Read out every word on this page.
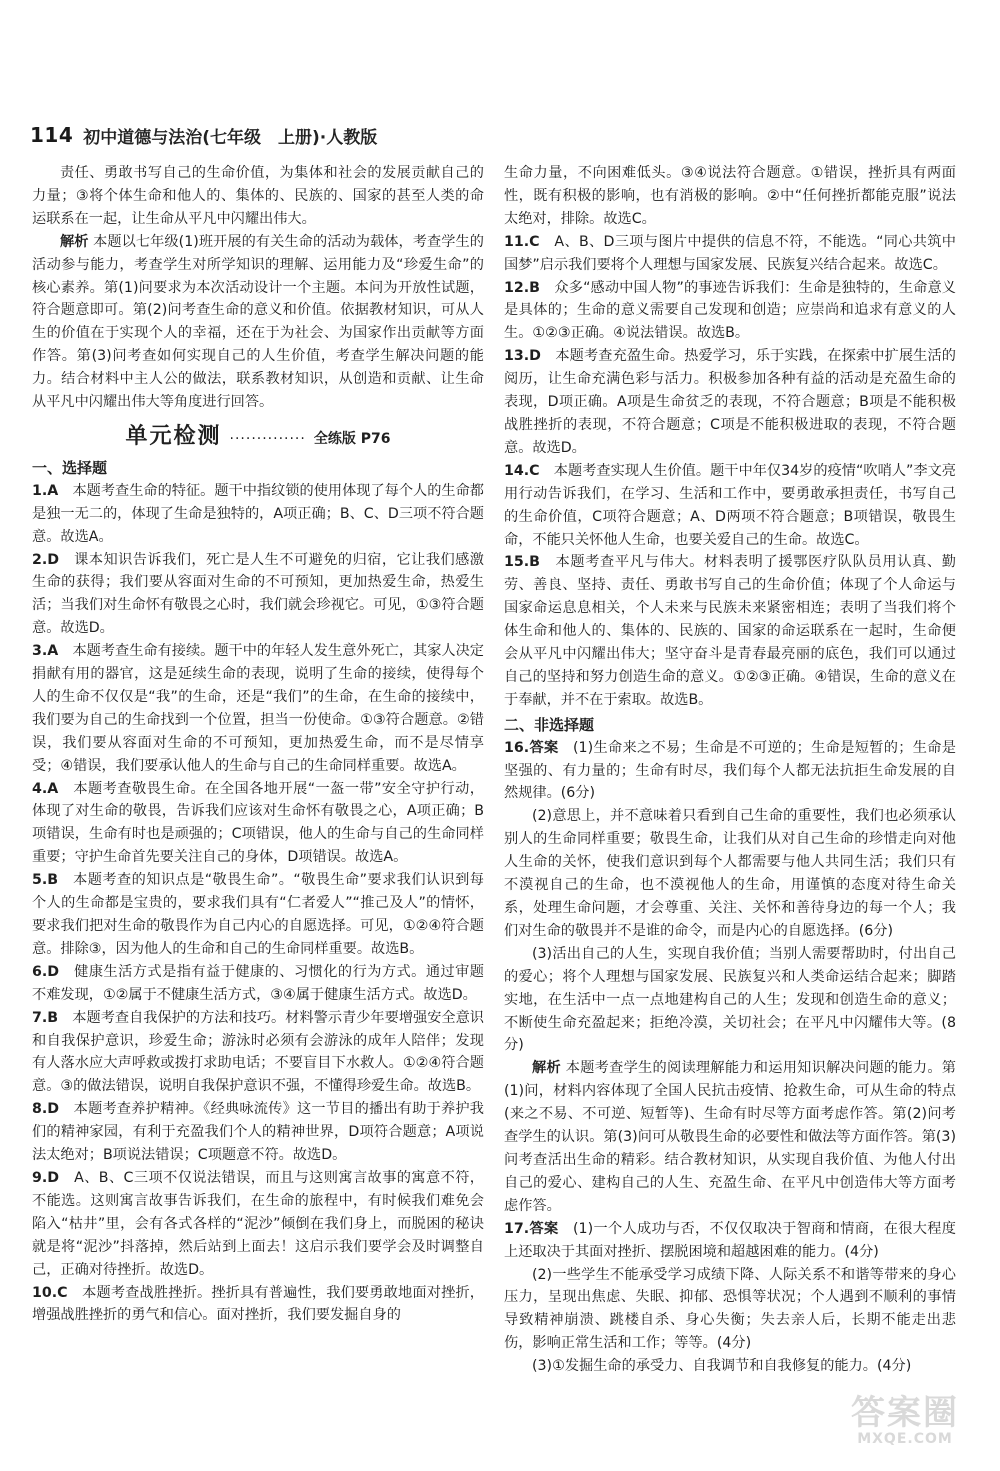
114 初中道德与法治(七年级　上册)·人教版

责任、勇敢书写自己的生命价值，为集体和社会的发展贡献自己的力量；③将个体生命和他人的、集体的、民族的、国家的甚至人类的命运联系在一起，让生命从平凡中闪耀出伟大。

解析 本题以七年级(1)班开展的有关生命的活动为载体，考查学生的活动参与能力，考查学生对所学知识的理解、运用能力及“珍爱生命”的核心素养。第(1)问要求为本次活动设计一个主题。本问为开放性试题，符合题意即可。第(2)问考查生命的意义和价值。依据教材知识，可从人生的价值在于实现个人的幸福，还在于为社会、为国家作出贡献等方面作答。第(3)问考查如何实现自己的人生价值，考查学生解决问题的能力。结合材料中主人公的做法，联系教材知识，从创造和贡献、让生命从平凡中闪耀出伟大等角度进行回答。

单元检测 ·············· 全练版 P76

一、选择题

1.A　 本题考查生命的特征。题干中指纹锁的使用体现了每个人的生命都是独一无二的，体现了生命是独特的，A项正确；B、C、D三项不符合题意。故选A。

2.D　 课本知识告诉我们，死亡是人生不可避免的归宿，它让我们感激生命的获得；我们要从容面对生命的不可预知，更加热爱生命，热爱生活；当我们对生命怀有敬畏之心时，我们就会珍视它。可见，①③符合题意。故选D。

3.A　 本题考查生命有接续。题干中的年轻人发生意外死亡，其家人决定捐献有用的器官，这是延续生命的表现，说明了生命的接续，使得每个人的生命不仅仅是“我”的生命，还是“我们”的生命，在生命的接续中，我们要为自己的生命找到一个位置，担当一份使命。①③符合题意。②错误，我们要从容面对生命的不可预知，更加热爱生命，而不是尽情享受；④错误，我们要承认他人的生命与自己的生命同样重要。故选A。

4.A　 本题考查敬畏生命。在全国各地开展“一盔一带”安全守护行动，体现了对生命的敬畏，告诉我们应该对生命怀有敬畏之心，A项正确；B项错误，生命有时也是顽强的；C项错误，他人的生命与自己的生命同样重要；守护生命首先要关注自己的身体，D项错误。故选A。

5.B　 本题考查的知识点是“敬畏生命”。“敬畏生命”要求我们认识到每个人的生命都是宝贵的，要求我们具有“仁者爱人”“推己及人”的情怀，要求我们把对生命的敬畏作为自己内心的自愿选择。可见，①②④符合题意。排除③，因为他人的生命和自己的生命同样重要。故选B。

6.D　 健康生活方式是指有益于健康的、习惯化的行为方式。通过审题不难发现，①②属于不健康生活方式，③④属于健康生活方式。故选D。

7.B　 本题考查自我保护的方法和技巧。材料警示青少年要增强安全意识和自我保护意识，珍爱生命；游泳时必须有会游泳的成年人陪伴；发现有人落水应大声呼救或拨打求助电话；不要盲目下水救人。①②④符合题意。③的做法错误，说明自我保护意识不强，不懂得珍爱生命。故选B。

8.D　 本题考查养护精神。《经典咏流传》这一节目的播出有助于养护我们的精神家园，有利于充盈我们个人的精神世界，D项符合题意；A项说法太绝对；B项说法错误；C项题意不符。故选D。

9.D　 A、B、C三项不仅说法错误，而且与这则寓言故事的寓意不符，不能选。这则寓言故事告诉我们，在生命的旅程中，有时候我们难免会陷入“枯井”里，会有各式各样的“泥沙”倾倒在我们身上，而脱困的秘诀就是将“泥沙”抖落掉，然后站到上面去！这启示我们要学会及时调整自己，正确对待挫折。故选D。

10.C　 本题考查战胜挫折。挫折具有普遍性，我们要勇敢地面对挫折，增强战胜挫折的勇气和信心。面对挫折，我们要发掘自身的

生命力量，不向困难低头。③④说法符合题意。①错误，挫折具有两面性，既有积极的影响，也有消极的影响。②中“任何挫折都能克服”说法太绝对，排除。故选C。

11.C　 A、B、D三项与图片中提供的信息不符，不能选。“同心共筑中国梦”启示我们要将个人理想与国家发展、民族复兴结合起来。故选C。

12.B　 众多“感动中国人物”的事迹告诉我们：生命是独特的，生命意义是具体的；生命的意义需要自己发现和创造；应崇尚和追求有意义的人生。①②③正确。④说法错误。故选B。

13.D　 本题考查充盈生命。热爱学习，乐于实践，在探索中扩展生活的阅历，让生命充满色彩与活力。积极参加各种有益的活动是充盈生命的表现，D项正确。A项是生命贫乏的表现，不符合题意；B项是不能积极战胜挫折的表现，不符合题意；C项是不能积极进取的表现，不符合题意。故选D。

14.C　 本题考查实现人生价值。题干中年仅34岁的疫情“吹哨人”李文亮用行动告诉我们，在学习、生活和工作中，要勇敢承担责任，书写自己的生命价值，C项符合题意；A、D两项不符合题意；B项错误，敬畏生命，不能只关怀他人生命，也要关爱自己的生命。故选C。

15.B　 本题考查平凡与伟大。材料表明了援鄂医疗队队员用认真、勤劳、善良、坚持、责任、勇敢书写自己的生命价值；体现了个人命运与国家命运息息相关，个人未来与民族未来紧密相连；表明了当我们将个体生命和他人的、集体的、民族的、国家的命运联系在一起时，生命便会从平凡中闪耀出伟大；坚守奋斗是青春最亮丽的底色，我们可以通过自己的坚持和努力创造生命的意义。①②③正确。④错误，生命的意义在于奉献，并不在于索取。故选B。

二、非选择题

16.答案　 (1)生命来之不易；生命是不可逆的；生命是短暂的；生命是坚强的、有力量的；生命有时尽，我们每个人都无法抗拒生命发展的自然规律。(6分)

(2)意思上，并不意味着只看到自己生命的重要性，我们也必须承认别人的生命同样重要；敬畏生命，让我们从对自己生命的珍惜走向对他人生命的关怀，使我们意识到每个人都需要与他人共同生活；我们只有不漠视自己的生命，也不漠视他人的生命，用谨慎的态度对待生命关系，处理生命问题，才会尊重、关注、关怀和善待身边的每一个人；我们对生命的敬畏并不是谁的命令，而是内心的自愿选择。(6分)

(3)活出自己的人生，实现自我价值；当别人需要帮助时，付出自己的爱心；将个人理想与国家发展、民族复兴和人类命运结合起来；脚踏实地，在生活中一点一点地建构自己的人生；发现和创造生命的意义；不断使生命充盈起来；拒绝冷漠，关切社会；在平凡中闪耀伟大等。(8分)

解析 本题考查学生的阅读理解能力和运用知识解决问题的能力。第(1)问，材料内容体现了全国人民抗击疫情、抢救生命，可从生命的特点(来之不易、不可逆、短暂等)、生命有时尽等方面考虑作答。第(2)问考查学生的认识。第(3)问可从敬畏生命的必要性和做法等方面作答。第(3)问考查活出生命的精彩。结合教材知识，从实现自我价值、为他人付出自己的爱心、建构自己的人生、充盈生命、在平凡中创造伟大等方面考虑作答。

17.答案　 (1)一个人成功与否，不仅仅取决于智商和情商，在很大程度上还取决于其面对挫折、摆脱困境和超越困难的能力。(4分)

(2)一些学生不能承受学习成绩下降、人际关系不和谐等带来的身心压力，呈现出焦虑、失眠、抑郁、恐惧等状况；个人遇到不顺利的事情导致精神崩溃、跳楼自杀、身心失衡；失去亲人后，长期不能走出悲伤，影响正常生活和工作；等等。(4分)

(3)①发掘生命的承受力、自我调节和自我修复的能力。(4分)

答案圈
MXQE.COM
